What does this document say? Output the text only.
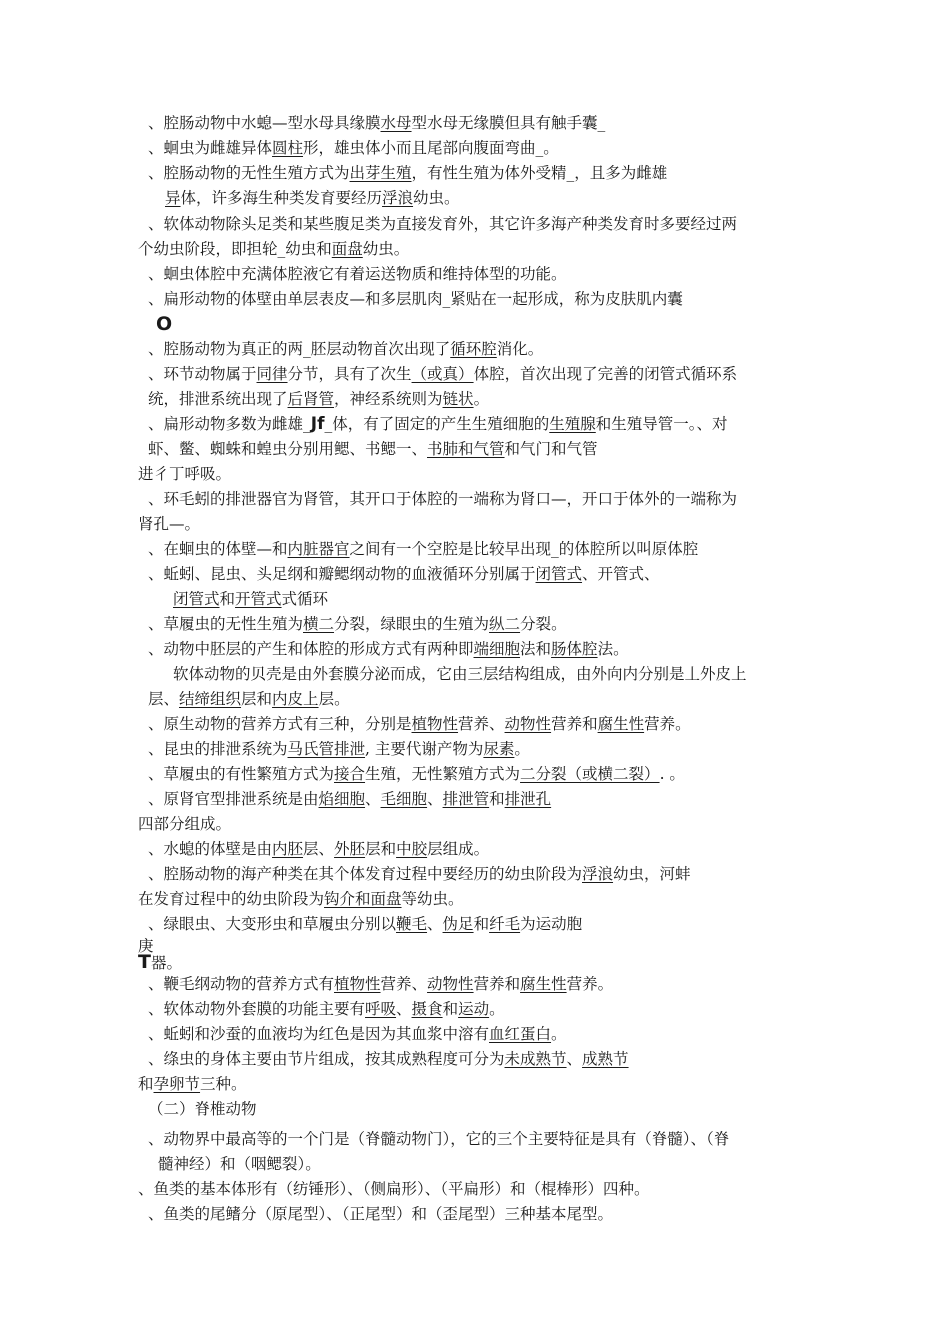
、腔肠动物中水螅—型水母具缘膜水母型水母无缘膜但具有触手囊_
、蛔虫为雌雄异体圆柱形，雄虫体小而且尾部向腹面弯曲_。
、腔肠动物的无性生殖方式为出芽生殖，有性生殖为体外受精_，且多为雌雄
异体，许多海生种类发育要经历浮浪幼虫。
、软体动物除头足类和某些腹足类为直接发育外，其它许多海产种类发育时多要经过两
个幼虫阶段，即担轮_幼虫和面盘幼虫。
、蛔虫体腔中充满体腔液它有着运送物质和维持体型的功能。
、扁形动物的体壁由单层表皮—和多层肌肉_紧贴在一起形成，称为皮肤肌内囊
O
、腔肠动物为真正的两_胚层动物首次出现了循环腔消化。
、环节动物属于同律分节，具有了次生（或真）体腔，首次出现了完善的闭管式循环系
统，排泄系统出现了后肾管，神经系统则为链状。
、扁形动物多数为雌雄_Jf_体，有了固定的产生生殖细胞的生殖腺和生殖导管一。、对
虾、鳖、蜘蛛和蝗虫分别用鳃、书鳃一、书肺和气管和气门和气管
进彳丁呼吸。
、环毛蚓的排泄器官为肾管，其开口于体腔的一端称为肾口—，开口于体外的一端称为
肾孔—。
、在蛔虫的体壁—和内脏器官之间有一个空腔是比较早出现_的体腔所以叫原体腔
、蚯蚓、昆虫、头足纲和瓣鳃纲动物的血液循环分别属于闭管式、开管式、
闭管式和开管式式循环
、草履虫的无性生殖为横二分裂，绿眼虫的生殖为纵二分裂。
、动物中胚层的产生和体腔的形成方式有两种即端细胞法和肠体腔法。
软体动物的贝壳是由外套膜分泌而成，它由三层结构组成，由外向内分别是丄外皮上
层、结缔组织层和内皮上层。
、原生动物的营养方式有三种，分别是植物性营养、动物性营养和腐生性营养。
、昆虫的排泄系统为马氏管排泄, 主要代谢产物为尿素。
、草履虫的有性繁殖方式为接合生殖，无性繁殖方式为二分裂（或横二裂）. 。
、原肾官型排泄系统是由焰细胞、毛细胞、排泄管和排泄孔
四部分组成。
、水螅的体壁是由内胚层、外胚层和中胶层组成。
、腔肠动物的海产种类在其个体发育过程中要经历的幼虫阶段为浮浪幼虫，河蚌
在发育过程中的幼虫阶段为钩介和面盘等幼虫。
、绿眼虫、大变形虫和草履虫分别以鞭毛、伪足和纤毛为运动胞
庚
T器。
、鞭毛纲动物的营养方式有植物性营养、动物性营养和腐生性营养。
、软体动物外套膜的功能主要有呼吸、摄食和运动。
、蚯蚓和沙蚕的血液均为红色是因为其血浆中溶有血红蛋白。
、绦虫的身体主要由节片组成，按其成熟程度可分为未成熟节、成熟节
和孕卵节三种。
（二）脊椎动物
、动物界中最高等的一个门是（脊髓动物门），它的三个主要特征是具有（脊髓）、（脊
髓神经）和（咽鳃裂）。
、鱼类的基本体形有（纺锤形）、（侧扁形）、（平扁形）和（棍棒形）四种。
、鱼类的尾鳍分（原尾型）、（正尾型）和（歪尾型）三种基本尾型。
